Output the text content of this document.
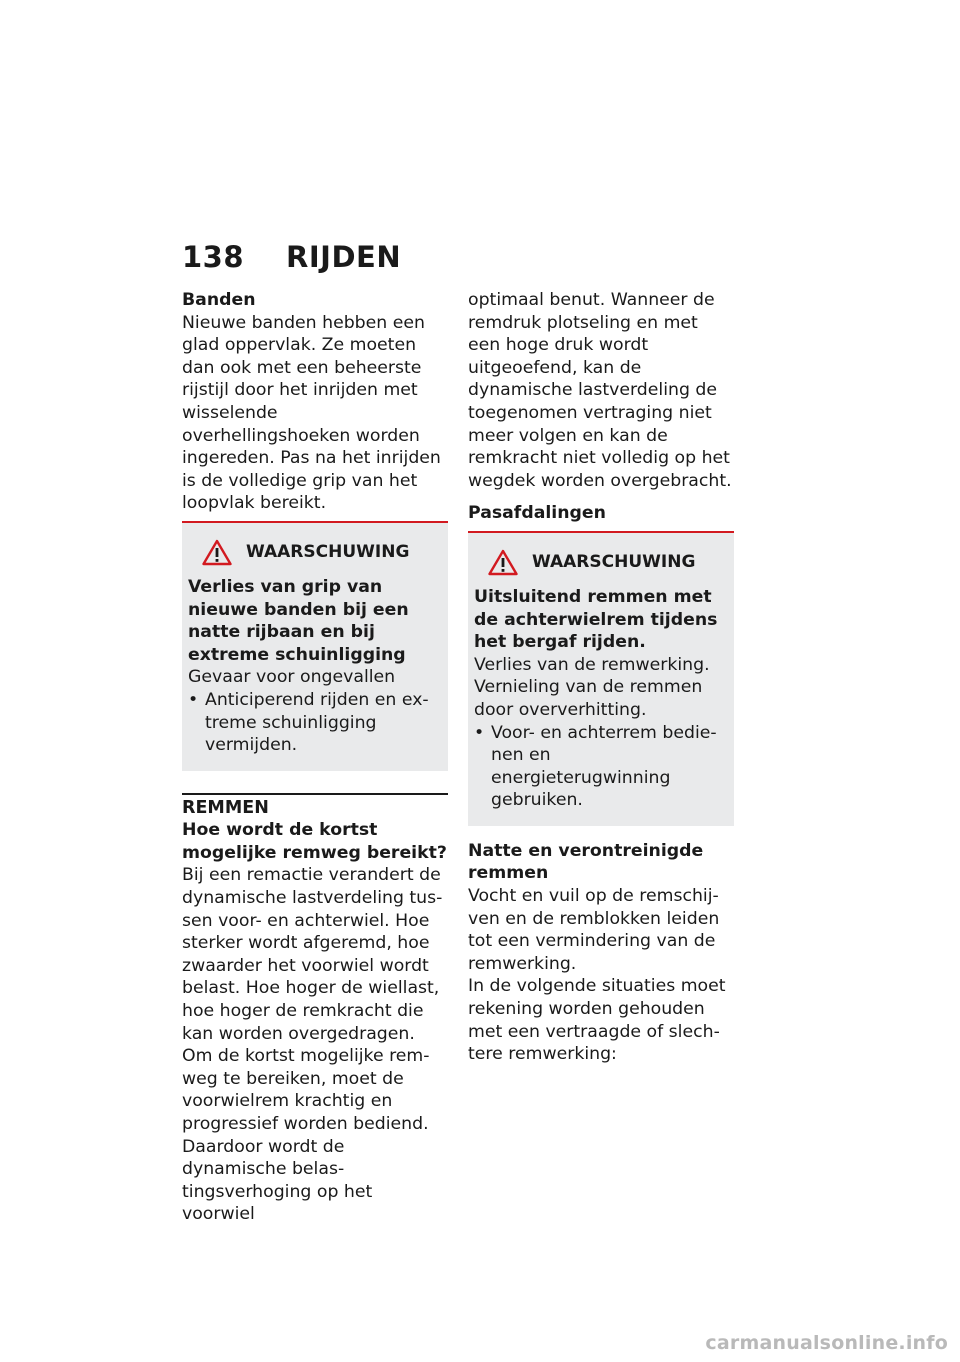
138 RIJDEN

Banden

Nieuwe banden hebben een glad oppervlak. Ze moeten dan ook met een beheerste rijstijl door het inrijden met wisselende overhellingshoeken worden ingereden. Pas na het inrijden is de volledige grip van het loopvlak bereikt.

WAARSCHUWING

Verlies van grip van nieuwe banden bij een natte rijbaan en bij extreme schuinligging

Gevaar voor ongevallen

• Anticiperend rijden en extreme schuinligging vermijden.

REMMEN

Hoe wordt de kortst mogelijke remweg bereikt?

Bij een remactie verandert de dynamische lastverdeling tussen voor- en achterwiel. Hoe sterker wordt afgeremd, hoe zwaarder het voorwiel wordt belast. Hoe hoger de wiellast, hoe hoger de remkracht die kan worden overgedragen.

Om de kortst mogelijke remweg te bereiken, moet de voorwielrem krachtig en progressief worden bediend. Daardoor wordt de dynamische belastingsverhoging op het voorwiel

optimaal benut. Wanneer de remdruk plotseling en met een hoge druk wordt uitgeoefend, kan de dynamische lastverdeling de toegenomen vertraging niet meer volgen en kan de remkracht niet volledig op het wegdek worden overgebracht.

Pasafdalingen

WAARSCHUWING

Uitsluitend remmen met de achterwielrem tijdens het bergaf rijden.

Verlies van de remwerking.

Vernieling van de remmen door oververhitting.

• Voor- en achterrem bedienen en energieterugwinning gebruiken.

Natte en verontreinigde remmen

Vocht en vuil op de remschijven en de remblokken leiden tot een vermindering van de remwerking.

In de volgende situaties moet rekening worden gehouden met een vertraagde of slechtere remwerking:

carmanualsonline.info
